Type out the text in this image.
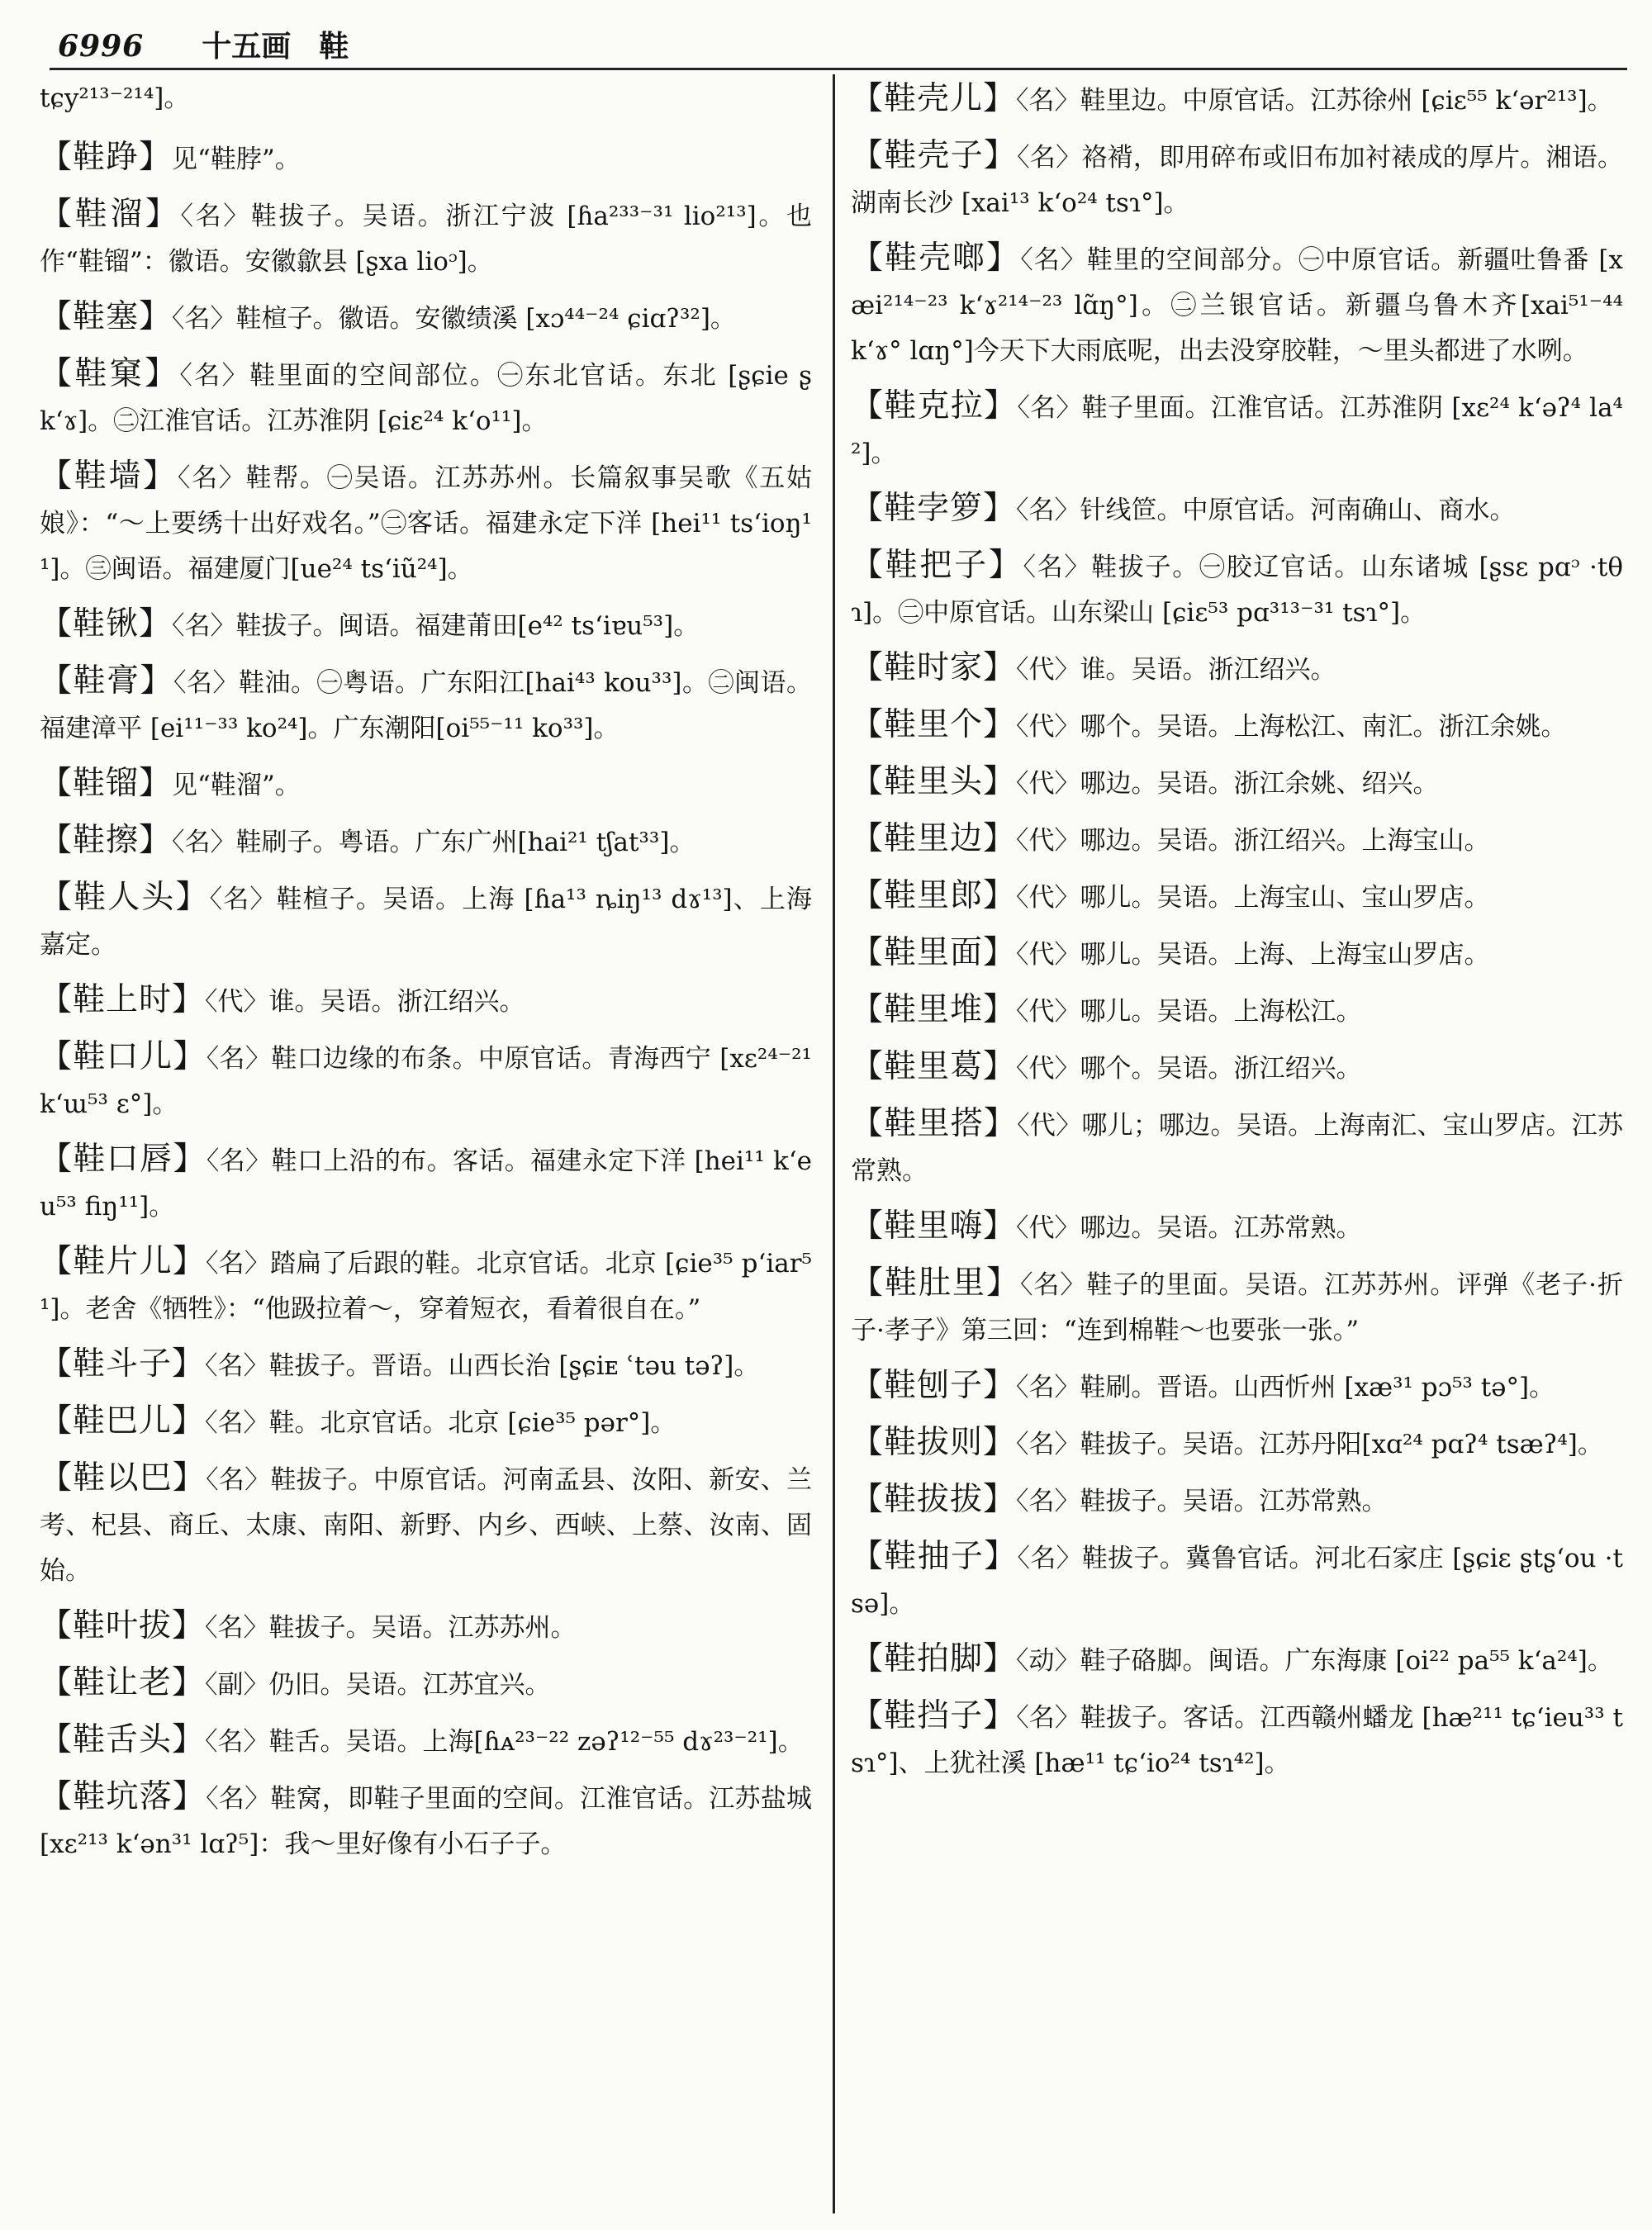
6996 十五画 鞋
tɕy²¹³⁻²¹⁴]。
【鞋踭】见“鞋脖”。
【鞋溜】〈名〉鞋拔子。吴语。浙江宁波 [ɦa²³³⁻³¹ lio²¹³]。也作“鞋镏”：徽语。安徽歙县 [ʂxa lioᵓ]。
【鞋塞】〈名〉鞋楦子。徽语。安徽绩溪 [xɔ⁴⁴⁻²⁴ ɕiɑʔ³²]。
【鞋窠】〈名〉鞋里面的空间部位。㊀东北官话。东北 [ʂɕie ʂk‘ɤ]。㊁江淮官话。江苏淮阴 [ɕiɛ²⁴ k‘o¹¹]。
【鞋墙】〈名〉鞋帮。㊀吴语。江苏苏州。长篇叙事吴歌《五姑娘》：“～上要绣十出好戏名。”㊁客话。福建永定下洋 [hei¹¹ ts‘ioŋ¹¹]。㊂闽语。福建厦门[ue²⁴ ts‘iũ²⁴]。
【鞋锹】〈名〉鞋拔子。闽语。福建莆田[e⁴² ts‘iɐu⁵³]。
【鞋膏】〈名〉鞋油。㊀粤语。广东阳江[hai⁴³ kou³³]。㊁闽语。福建漳平 [ei¹¹⁻³³ ko²⁴]。广东潮阳[oi⁵⁵⁻¹¹ ko³³]。
【鞋镏】见“鞋溜”。
【鞋擦】〈名〉鞋刷子。粤语。广东广州[hai²¹ tʃat³³]。
【鞋人头】〈名〉鞋楦子。吴语。上海 [ɦa¹³ ȵiŋ¹³ dɤ¹³]、上海嘉定。
【鞋上时】〈代〉谁。吴语。浙江绍兴。
【鞋口儿】〈名〉鞋口边缘的布条。中原官话。青海西宁 [xɛ²⁴⁻²¹ k‘ɯ⁵³ ɛ°]。
【鞋口唇】〈名〉鞋口上沿的布。客话。福建永定下洋 [hei¹¹ k‘eu⁵³ fiŋ¹¹]。
【鞋片儿】〈名〉踏扁了后跟的鞋。北京官话。北京 [ɕie³⁵ p‘iar⁵¹]。老舍《牺牲》：“他趿拉着～，穿着短衣，看着很自在。”
【鞋斗子】〈名〉鞋拔子。晋语。山西长治 [ʂɕiᴇ ʿtəu təʔ]。
【鞋巴儿】〈名〉鞋。北京官话。北京 [ɕie³⁵ pər°]。
【鞋以巴】〈名〉鞋拔子。中原官话。河南孟县、汝阳、新安、兰考、杞县、商丘、太康、南阳、新野、内乡、西峡、上蔡、汝南、固始。
【鞋叶拔】〈名〉鞋拔子。吴语。江苏苏州。
【鞋让老】〈副〉仍旧。吴语。江苏宜兴。
【鞋舌头】〈名〉鞋舌。吴语。上海[ɦᴀ²³⁻²² zəʔ¹²⁻⁵⁵ dɤ²³⁻²¹]。
【鞋坑落】〈名〉鞋窝，即鞋子里面的空间。江淮官话。江苏盐城 [xɛ²¹³ k‘ən³¹ lɑʔ⁵]：我～里好像有小石子子。
【鞋壳儿】〈名〉鞋里边。中原官话。江苏徐州 [ɕiɛ⁵⁵ k‘ər²¹³]。
【鞋壳子】〈名〉袼褙，即用碎布或旧布加衬裱成的厚片。湘语。湖南长沙 [xai¹³ k‘o²⁴ tsɿ°]。
【鞋壳啷】〈名〉鞋里的空间部分。㊀中原官话。新疆吐鲁番 [xæi²¹⁴⁻²³ k‘ɤ²¹⁴⁻²³ lɑ̃ŋ°]。㊁兰银官话。新疆乌鲁木齐[xai⁵¹⁻⁴⁴ k‘ɤ° lɑŋ°]今天下大雨底呢，出去没穿胶鞋，～里头都进了水咧。
【鞋克拉】〈名〉鞋子里面。江淮官话。江苏淮阴 [xɛ²⁴ k‘əʔ⁴ la⁴²]。
【鞋孛箩】〈名〉针线笸。中原官话。河南确山、商水。
【鞋把子】〈名〉鞋拔子。㊀胶辽官话。山东诸城 [ʂsɛ pɑᵓ ·tθɿ]。㊁中原官话。山东梁山 [ɕiɛ⁵³ pɑ³¹³⁻³¹ tsɿ°]。
【鞋时家】〈代〉谁。吴语。浙江绍兴。
【鞋里个】〈代〉哪个。吴语。上海松江、南汇。浙江余姚。
【鞋里头】〈代〉哪边。吴语。浙江余姚、绍兴。
【鞋里边】〈代〉哪边。吴语。浙江绍兴。上海宝山。
【鞋里郎】〈代〉哪儿。吴语。上海宝山、宝山罗店。
【鞋里面】〈代〉哪儿。吴语。上海、上海宝山罗店。
【鞋里堆】〈代〉哪儿。吴语。上海松江。
【鞋里葛】〈代〉哪个。吴语。浙江绍兴。
【鞋里搭】〈代〉哪儿；哪边。吴语。上海南汇、宝山罗店。江苏常熟。
【鞋里嗨】〈代〉哪边。吴语。江苏常熟。
【鞋肚里】〈名〉鞋子的里面。吴语。江苏苏州。评弹《老子·折子·孝子》第三回：“连到棉鞋～也要张一张。”
【鞋刨子】〈名〉鞋刷。晋语。山西忻州 [xæ³¹ pɔ⁵³ tə°]。
【鞋拔则】〈名〉鞋拔子。吴语。江苏丹阳[xɑ²⁴ pɑʔ⁴ tsæʔ⁴]。
【鞋拔拔】〈名〉鞋拔子。吴语。江苏常熟。
【鞋抽子】〈名〉鞋拔子。冀鲁官话。河北石家庄 [ʂɕiɛ ʂtʂ‘ou ·tsə]。
【鞋拍脚】〈动〉鞋子硌脚。闽语。广东海康 [oi²² pa⁵⁵ k‘a²⁴]。
【鞋挡子】〈名〉鞋拔子。客话。江西赣州蟠龙 [hæ²¹¹ tɕ‘ieu³³ tsɿ°]、上犹社溪 [hæ¹¹ tɕ‘io²⁴ tsɿ⁴²]。
